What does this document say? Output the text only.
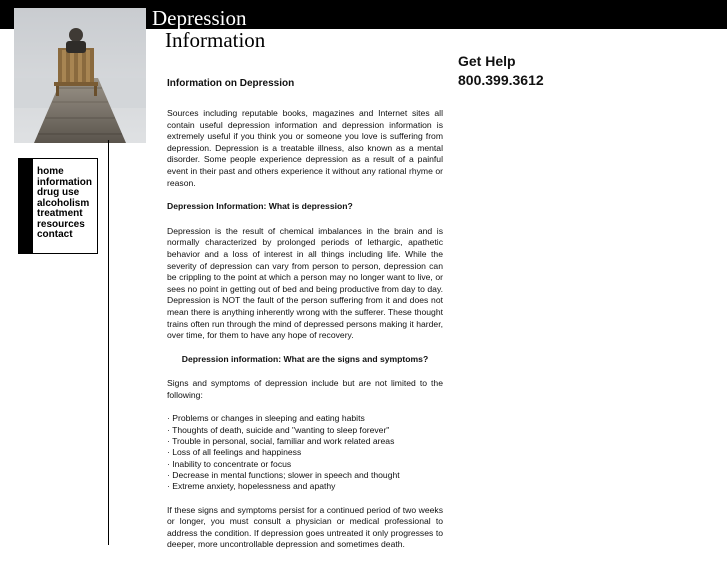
Depression
Information
home
information
drug use
alcoholism
treatment
resources
contact
Get Help
800.399.3612
Information on Depression

Sources including reputable books, magazines and Internet sites all contain useful depression information and depression information is extremely useful if you think you or someone you love is suffering from depression. Depression is a treatable illness, also known as a mental disorder. Some people experience depression as a result of a painful event in their past and others experience it without any rational rhyme or reason.

Depression Information: What is depression?

Depression is the result of chemical imbalances in the brain and is normally characterized by prolonged periods of lethargic, apathetic behavior and a loss of interest in all things including life. While the severity of depression can vary from person to person, depression can be crippling to the point at which a person may no longer want to live, or sees no point in getting out of bed and being productive from day to day. Depression is NOT the fault of the person suffering from it and does not mean there is anything inherently wrong with the sufferer. These thought trains often run through the mind of depressed persons making it harder, over time, for them to have any hope of recovery.

Depression information: What are the signs and symptoms?

Signs and symptoms of depression include but are not limited to the following:

· Problems or changes in sleeping and eating habits
· Thoughts of death, suicide and "wanting to sleep forever"
· Trouble in personal, social, familiar and work related areas
· Loss of all feelings and happiness
· Inability to concentrate or focus
· Decrease in mental functions; slower in speech and thought
· Extreme anxiety, hopelessness and apathy

If these signs and symptoms persist for a continued period of two weeks or longer, you must consult a physician or medical professional to address the condition. If depression goes untreated it only progresses to deeper, more uncontrollable depression and sometimes death.
